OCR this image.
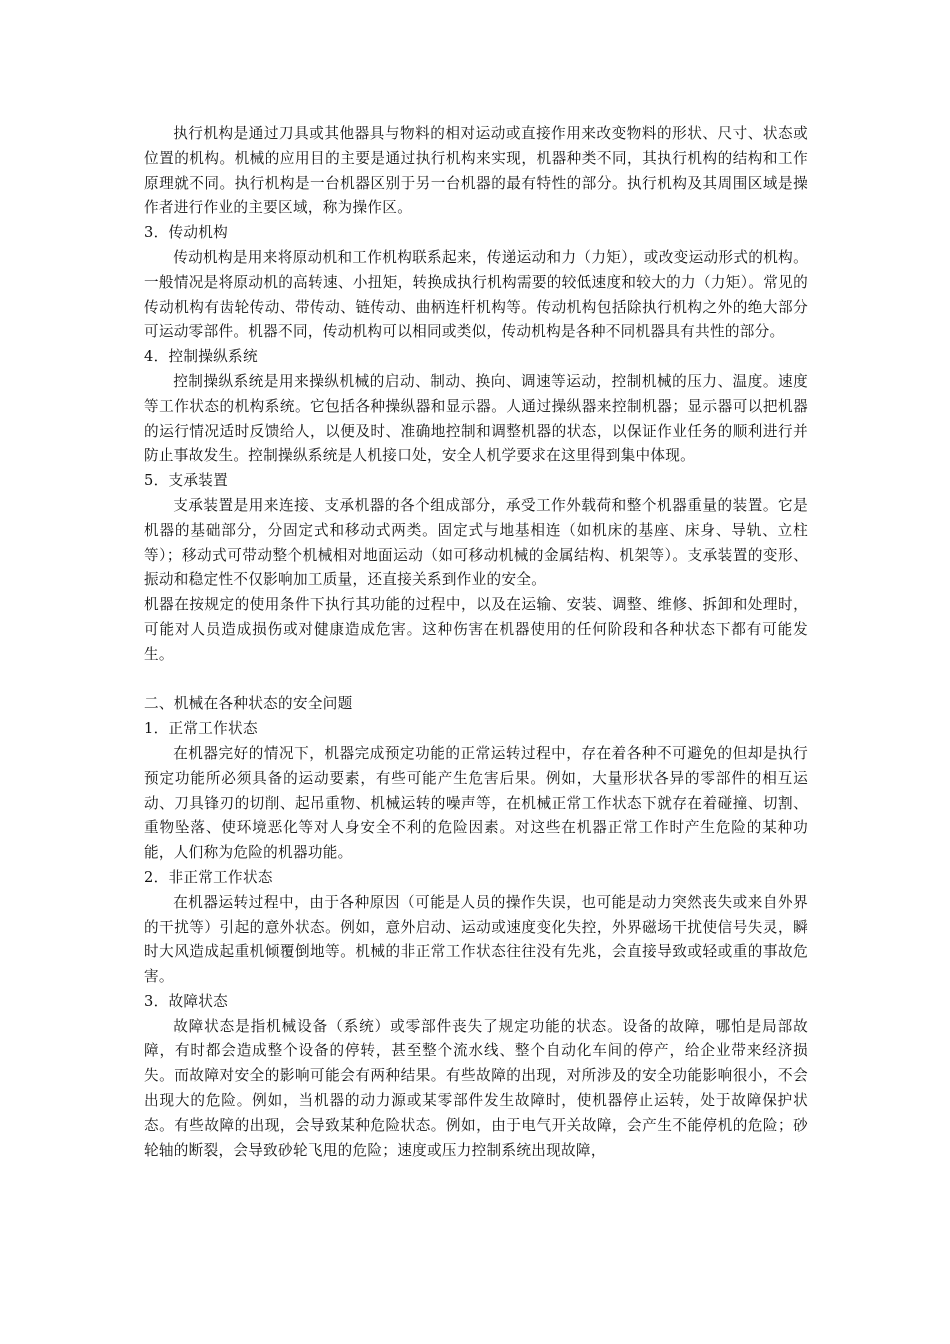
执行机构是通过刀具或其他器具与物料的相对运动或直接作用来改变物料的形状、尺寸、状态或位置的机构。机械的应用目的主要是通过执行机构来实现，机器种类不同，其执行机构的结构和工作原理就不同。执行机构是一台机器区别于另一台机器的最有特性的部分。执行机构及其周围区域是操作者进行作业的主要区域，称为操作区。

3．传动机构

传动机构是用来将原动机和工作机构联系起来，传递运动和力（力矩），或改变运动形式的机构。一般情况是将原动机的高转速、小扭矩，转换成执行机构需要的较低速度和较大的力（力矩）。常见的传动机构有齿轮传动、带传动、链传动、曲柄连杆机构等。传动机构包括除执行机构之外的绝大部分可运动零部件。机器不同，传动机构可以相同或类似，传动机构是各种不同机器具有共性的部分。

4．控制操纵系统

控制操纵系统是用来操纵机械的启动、制动、换向、调速等运动，控制机械的压力、温度。速度等工作状态的机构系统。它包括各种操纵器和显示器。人通过操纵器来控制机器；显示器可以把机器的运行情况适时反馈给人，以便及时、准确地控制和调整机器的状态，以保证作业任务的顺利进行并防止事故发生。控制操纵系统是人机接口处，安全人机学要求在这里得到集中体现。

5．支承装置

支承装置是用来连接、支承机器的各个组成部分，承受工作外载荷和整个机器重量的装置。它是机器的基础部分，分固定式和移动式两类。固定式与地基相连（如机床的基座、床身、导轨、立柱等）；移动式可带动整个机械相对地面运动（如可移动机械的金属结构、机架等）。支承装置的变形、振动和稳定性不仅影响加工质量，还直接关系到作业的安全。

机器在按规定的使用条件下执行其功能的过程中，以及在运输、安装、调整、维修、拆卸和处理时，可能对人员造成损伤或对健康造成危害。这种伤害在机器使用的任何阶段和各种状态下都有可能发生。

二、机械在各种状态的安全问题

1．正常工作状态

在机器完好的情况下，机器完成预定功能的正常运转过程中，存在着各种不可避免的但却是执行预定功能所必须具备的运动要素，有些可能产生危害后果。例如，大量形状各异的零部件的相互运动、刀具锋刃的切削、起吊重物、机械运转的噪声等，在机械正常工作状态下就存在着碰撞、切割、重物坠落、使环境恶化等对人身安全不利的危险因素。对这些在机器正常工作时产生危险的某种功能，人们称为危险的机器功能。

2．非正常工作状态

在机器运转过程中，由于各种原因（可能是人员的操作失误，也可能是动力突然丧失或来自外界的干扰等）引起的意外状态。例如，意外启动、运动或速度变化失控，外界磁场干扰使信号失灵，瞬时大风造成起重机倾覆倒地等。机械的非正常工作状态往往没有先兆，会直接导致或轻或重的事故危害。

3．故障状态

故障状态是指机械设备（系统）或零部件丧失了规定功能的状态。设备的故障，哪怕是局部故障，有时都会造成整个设备的停转，甚至整个流水线、整个自动化车间的停产，给企业带来经济损失。而故障对安全的影响可能会有两种结果。有些故障的出现，对所涉及的安全功能影响很小，不会出现大的危险。例如，当机器的动力源或某零部件发生故障时，使机器停止运转，处于故障保护状态。有些故障的出现，会导致某种危险状态。例如，由于电气开关故障，会产生不能停机的危险；砂轮轴的断裂，会导致砂轮飞甩的危险；速度或压力控制系统出现故障，
